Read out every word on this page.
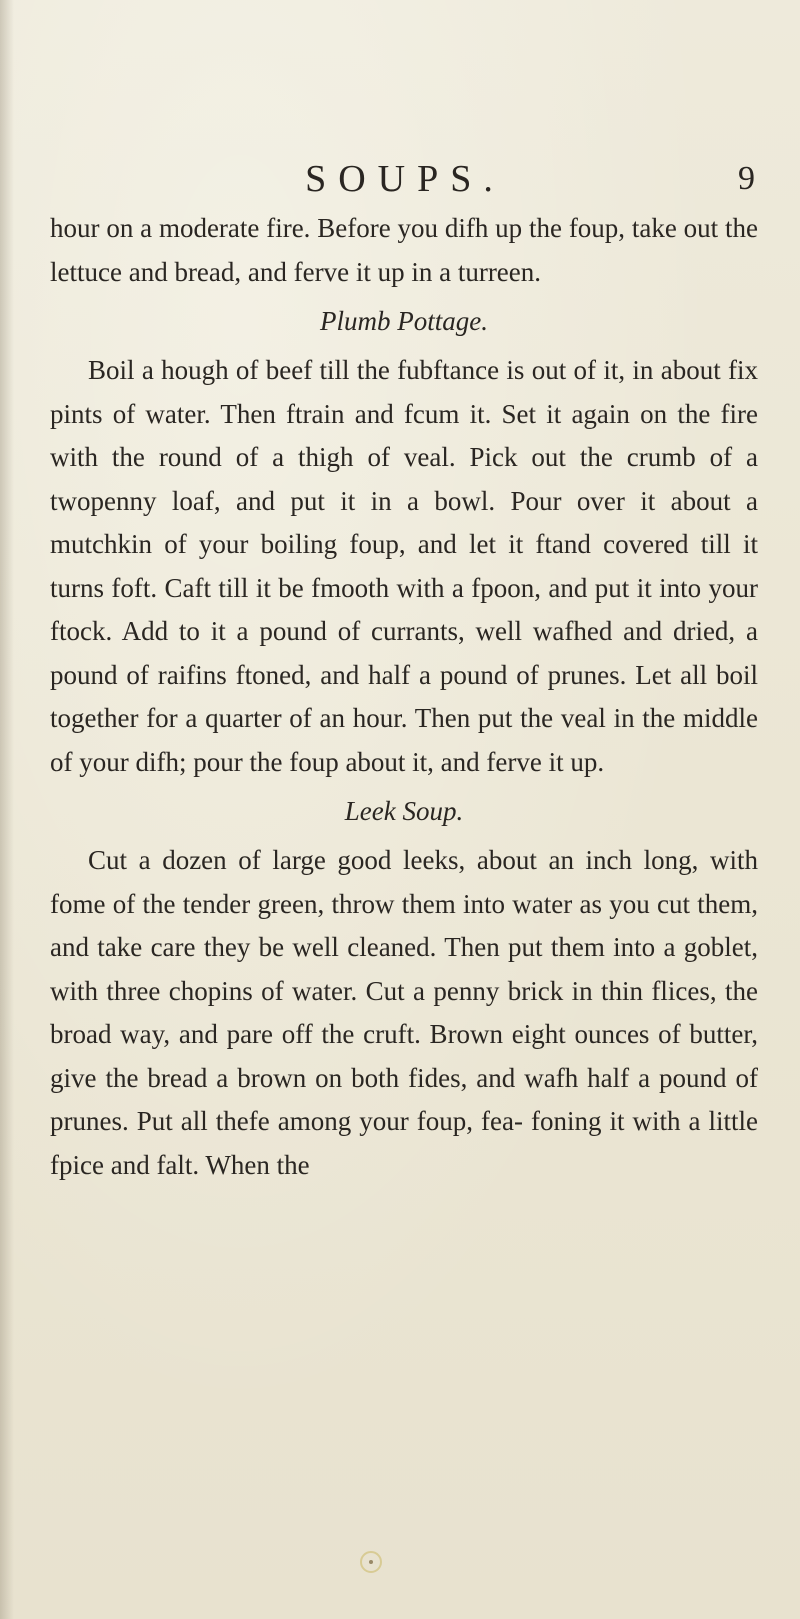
SOUPS.	9

hour on a moderate fire. Before you difh up the foup, take out the lettuce and bread, and ferve it up in a turreen.

Plumb Pottage.

Boil a hough of beef till the fubftance is out of it, in about fix pints of water. Then ftrain and fcum it. Set it again on the fire with the round of a thigh of veal. Pick out the crumb of a twopenny loaf, and put it in a bowl. Pour over it about a mutchkin of your boiling foup, and let it ftand covered till it turns foft. Caft till it be fmooth with a fpoon, and put it into your ftock. Add to it a pound of currants, well wafhed and dried, a pound of raifins ftoned, and half a pound of prunes. Let all boil together for a quarter of an hour. Then put the veal in the middle of your difh; pour the foup about it, and ferve it up.

Leek Soup.

Cut a dozen of large good leeks, about an inch long, with fome of the tender green, throw them into water as you cut them, and take care they be well cleaned. Then put them into a goblet, with three chopins of water. Cut a penny brick in thin flices, the broad way, and pare off the cruft. Brown eight ounces of butter, give the bread a brown on both fides, and wafh half a pound of prunes. Put all thefe among your foup, fea- foning it with a little fpice and falt. When the
